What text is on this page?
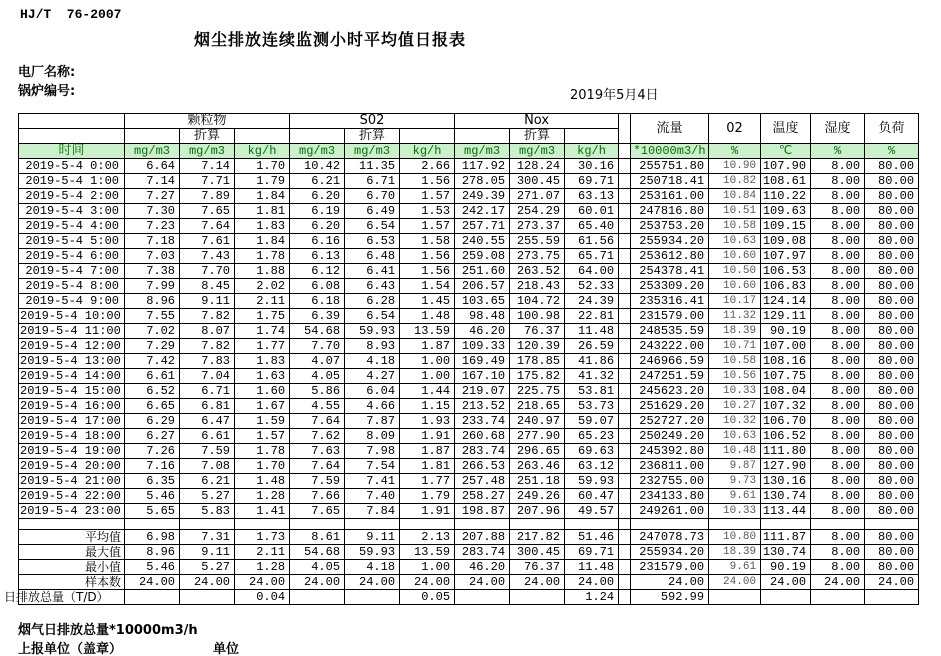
HJ/T  76-2007
烟尘排放连续监测小时平均值日报表
电厂名称:
锅炉编号:	2019年5月4日
	颗粒物			S02			Nox				流量	02	温度	湿度	负荷
		折算			折算			折算							
时间	mg/m3	mg/m3	kg/h	mg/m3	mg/m3	kg/h	mg/m3	mg/m3	kg/h		*10000m3/h	%	℃	%	%
2019-5-4 0:00	6.64	7.14	1.70	10.42	11.35	2.66	117.92	128.24	30.16		255751.80	10.90	107.90	8.00	80.00
2019-5-4 1:00	7.14	7.71	1.79	6.21	6.71	1.56	278.05	300.45	69.71		250718.41	10.82	108.61	8.00	80.00
2019-5-4 2:00	7.27	7.89	1.84	6.20	6.70	1.57	249.39	271.07	63.13		253161.00	10.84	110.22	8.00	80.00
2019-5-4 3:00	7.30	7.65	1.81	6.19	6.49	1.53	242.17	254.29	60.01		247816.80	10.51	109.63	8.00	80.00
2019-5-4 4:00	7.23	7.64	1.83	6.20	6.54	1.57	257.71	273.37	65.40		253753.20	10.58	109.15	8.00	80.00
2019-5-4 5:00	7.18	7.61	1.84	6.16	6.53	1.58	240.55	255.59	61.56		255934.20	10.63	109.08	8.00	80.00
2019-5-4 6:00	7.03	7.43	1.78	6.13	6.48	1.56	259.08	273.75	65.71		253612.80	10.60	107.97	8.00	80.00
2019-5-4 7:00	7.38	7.70	1.88	6.12	6.41	1.56	251.60	263.52	64.00		254378.41	10.50	106.53	8.00	80.00
2019-5-4 8:00	7.99	8.45	2.02	6.08	6.43	1.54	206.57	218.43	52.33		253309.20	10.60	106.83	8.00	80.00
2019-5-4 9:00	8.96	9.11	2.11	6.18	6.28	1.45	103.65	104.72	24.39		235316.41	10.17	124.14	8.00	80.00
2019-5-4 10:00	7.55	7.82	1.75	6.39	6.54	1.48	98.48	100.98	22.81		231579.00	11.32	129.11	8.00	80.00
2019-5-4 11:00	7.02	8.07	1.74	54.68	59.93	13.59	46.20	76.37	11.48		248535.59	18.39	90.19	8.00	80.00
2019-5-4 12:00	7.29	7.82	1.77	7.70	8.93	1.87	109.33	120.39	26.59		243222.00	10.71	107.00	8.00	80.00
2019-5-4 13:00	7.42	7.83	1.83	4.07	4.18	1.00	169.49	178.85	41.86		246966.59	10.58	108.16	8.00	80.00
2019-5-4 14:00	6.61	7.04	1.63	4.05	4.27	1.00	167.10	175.82	41.32		247251.59	10.56	107.75	8.00	80.00
2019-5-4 15:00	6.52	6.71	1.60	5.86	6.04	1.44	219.07	225.75	53.81		245623.20	10.33	108.04	8.00	80.00
2019-5-4 16:00	6.65	6.81	1.67	4.55	4.66	1.15	213.52	218.65	53.73		251629.20	10.27	107.32	8.00	80.00
2019-5-4 17:00	6.29	6.47	1.59	7.64	7.87	1.93	233.74	240.97	59.07		252727.20	10.32	106.70	8.00	80.00
2019-5-4 18:00	6.27	6.61	1.57	7.62	8.09	1.91	260.68	277.90	65.23		250249.20	10.63	106.52	8.00	80.00
2019-5-4 19:00	7.26	7.59	1.78	7.63	7.98	1.87	283.74	296.65	69.63		245392.80	10.48	111.80	8.00	80.00
2019-5-4 20:00	7.16	7.08	1.70	7.64	7.54	1.81	266.53	263.46	63.12		236811.00	9.87	127.90	8.00	80.00
2019-5-4 21:00	6.35	6.21	1.48	7.59	7.41	1.77	257.48	251.18	59.93		232755.00	9.73	130.16	8.00	80.00
2019-5-4 22:00	5.46	5.27	1.28	7.66	7.40	1.79	258.27	249.26	60.47		234133.80	9.61	130.74	8.00	80.00
2019-5-4 23:00	5.65	5.83	1.41	7.65	7.84	1.91	198.87	207.96	49.57		249261.00	10.33	113.44	8.00	80.00

平均值	6.98	7.31	1.73	8.61	9.11	2.13	207.88	217.82	51.46		247078.73	10.80	111.87	8.00	80.00
最大值	8.96	9.11	2.11	54.68	59.93	13.59	283.74	300.45	69.71		255934.20	18.39	130.74	8.00	80.00
最小值	5.46	5.27	1.28	4.05	4.18	1.00	46.20	76.37	11.48		231579.00	9.61	90.19	8.00	80.00
样本数	24.00	24.00	24.00	24.00	24.00	24.00	24.00	24.00	24.00		24.00	24.00	24.00	24.00	24.00
日排放总量（T/D）			0.04			0.05			1.24		592.99				
烟气日排放总量*10000m3/h
上报单位（盖章）	单位
